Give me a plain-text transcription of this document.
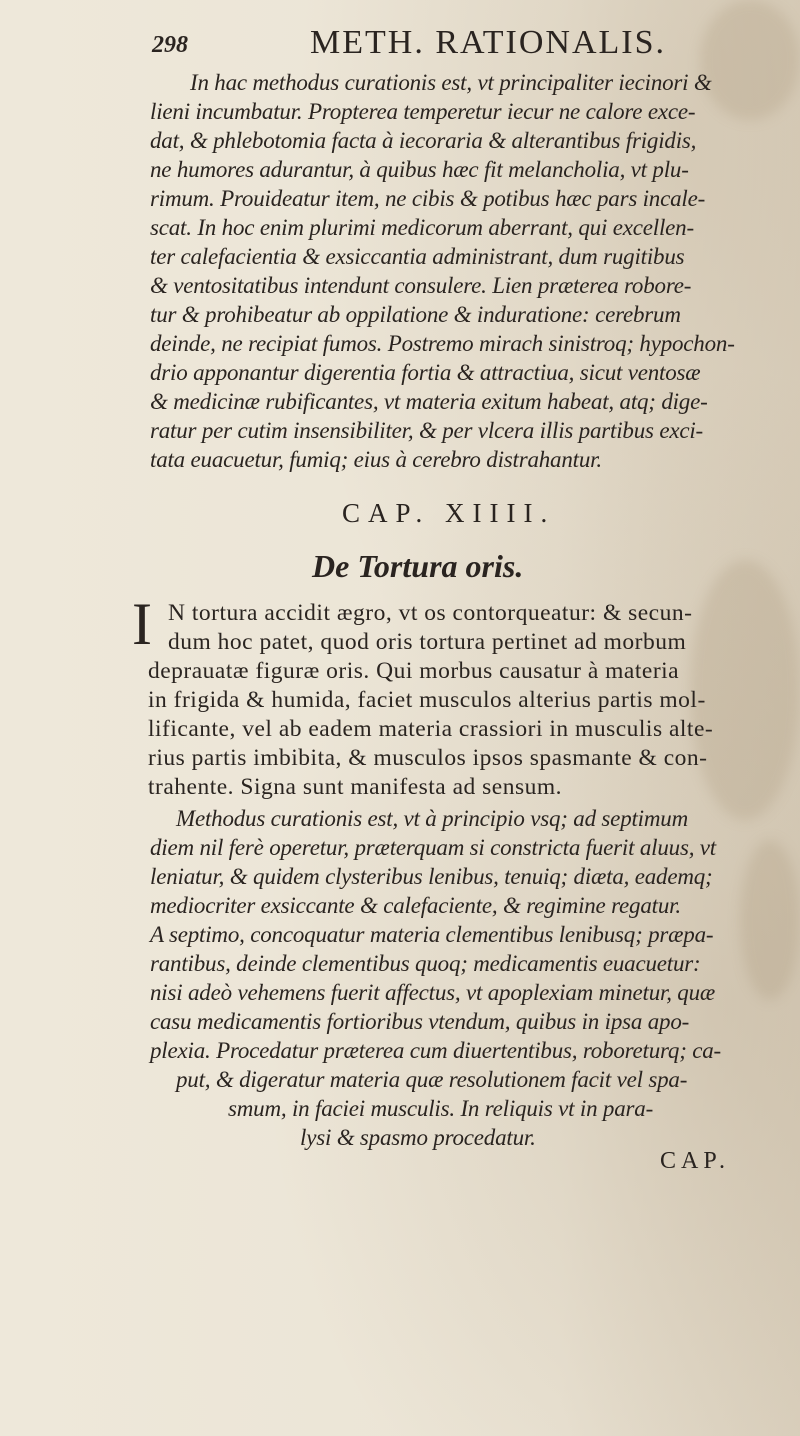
298	METH. RATIONALIS.
In hac methodus curationis est, vt principaliter iecinori &
lieni incumbatur. Propterea temperetur iecur ne calore exce-
dat, & phlebotomia facta à iecoraria & alterantibus frigidis,
ne humores adurantur, à quibus hæc fit melancholia, vt plu-
rimum. Prouideatur item, ne cibis & potibus hæc pars incale-
scat. In hoc enim plurimi medicorum aberrant, qui excellen-
ter calefacientia & exsiccantia administrant, dum rugitibus
& ventositatibus intendunt consulere. Lien præterea robore-
tur & prohibeatur ab oppilatione & induratione: cerebrum
deinde, ne recipiat fumos. Postremo mirach sinistroq; hypochon-
drio apponantur digerentia fortia & attractiua, sicut ventosæ
& medicinæ rubificantes, vt materia exitum habeat, atq; dige-
ratur per cutim insensibiliter, & per vlcera illis partibus exci-
tata euacuetur, fumiq; eius à cerebro distrahantur.
CAP. XIIII.
De Tortura oris.
I N tortura accidit ægro, vt os contorqueatur: & secun-
dum hoc patet, quod oris tortura pertinet ad morbum
deprauatæ figuræ oris. Qui morbus causatur à materia
in frigida & humida, faciet musculos alterius partis mol-
lificante, vel ab eadem materia crassiori in musculis alte-
rius partis imbibita, & musculos ipsos spasmante & con-
trahente. Signa sunt manifesta ad sensum.
Methodus curationis est, vt à principio vsq; ad septimum
diem nil ferè operetur, præterquam si constricta fuerit aluus, vt
leniatur, & quidem clysteribus lenibus, tenuiq; diæta, eademq;
mediocriter exsiccante & calefaciente, & regimine regatur.
A septimo, concoquatur materia clementibus lenibusq; præpa-
rantibus, deinde clementibus quoq; medicamentis euacuetur:
nisi adeò vehemens fuerit affectus, vt apoplexiam minetur, quæ
casu medicamentis fortioribus vtendum, quibus in ipsa apo-
plexia. Procedatur præterea cum diuertentibus, roboreturq; ca-
put, & digeratur materia quæ resolutionem facit vel spa-
smum, in faciei musculis. In reliquis vt in para-
lysi & spasmo procedatur.
CAP.
